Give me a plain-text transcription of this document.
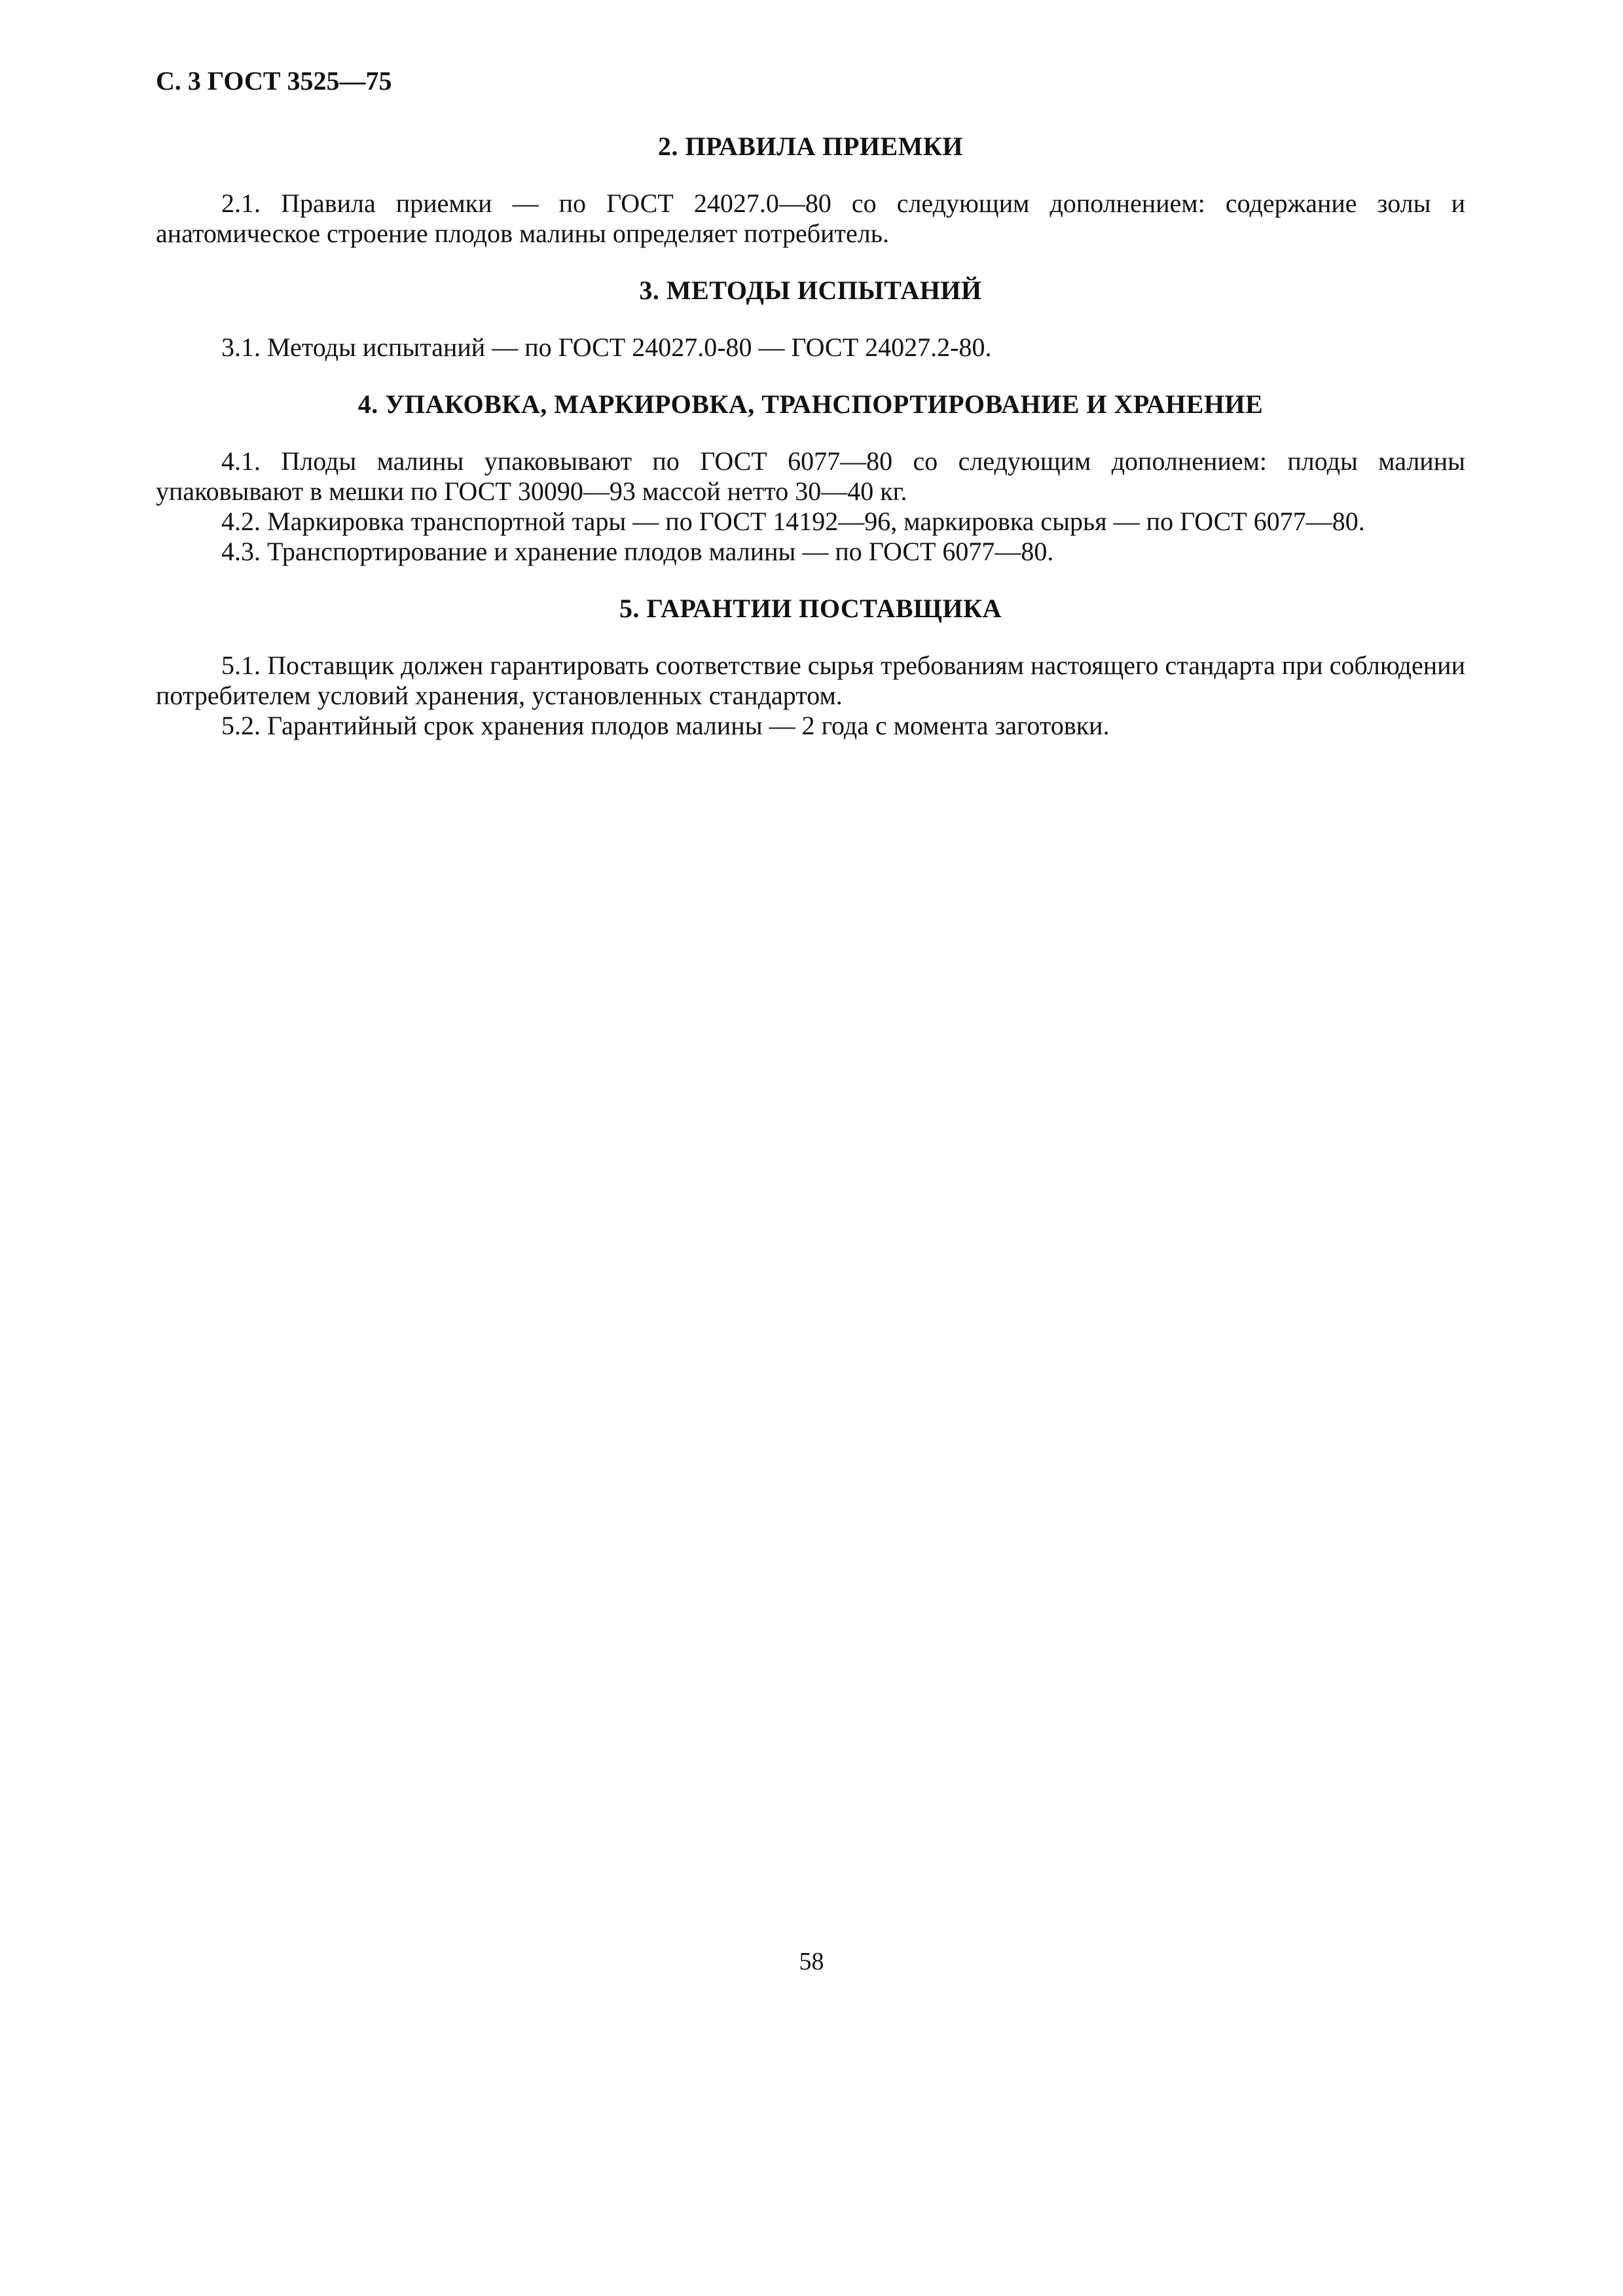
С. 3 ГОСТ 3525—75
2. ПРАВИЛА ПРИЕМКИ

2.1. Правила приемки — по ГОСТ 24027.0—80 со следующим дополнением: содержание золы и анатомическое строение плодов малины определяет потребитель.

3. МЕТОДЫ ИСПЫТАНИЙ

3.1. Методы испытаний — по ГОСТ 24027.0-80 — ГОСТ 24027.2-80.

4. УПАКОВКА, МАРКИРОВКА, ТРАНСПОРТИРОВАНИЕ И ХРАНЕНИЕ

4.1. Плоды малины упаковывают по ГОСТ 6077—80 со следующим дополнением: плоды малины упаковывают в мешки по ГОСТ 30090—93 массой нетто 30—40 кг.

4.2. Маркировка транспортной тары — по ГОСТ 14192—96, маркировка сырья — по ГОСТ 6077—80.

4.3. Транспортирование и хранение плодов малины — по ГОСТ 6077—80.

5. ГАРАНТИИ ПОСТАВЩИКА

5.1. Поставщик должен гарантировать соответствие сырья требованиям настоящего стандарта при соблюдении потребителем условий хранения, установленных стандартом.

5.2. Гарантийный срок хранения плодов малины — 2 года с момента заготовки.

58
